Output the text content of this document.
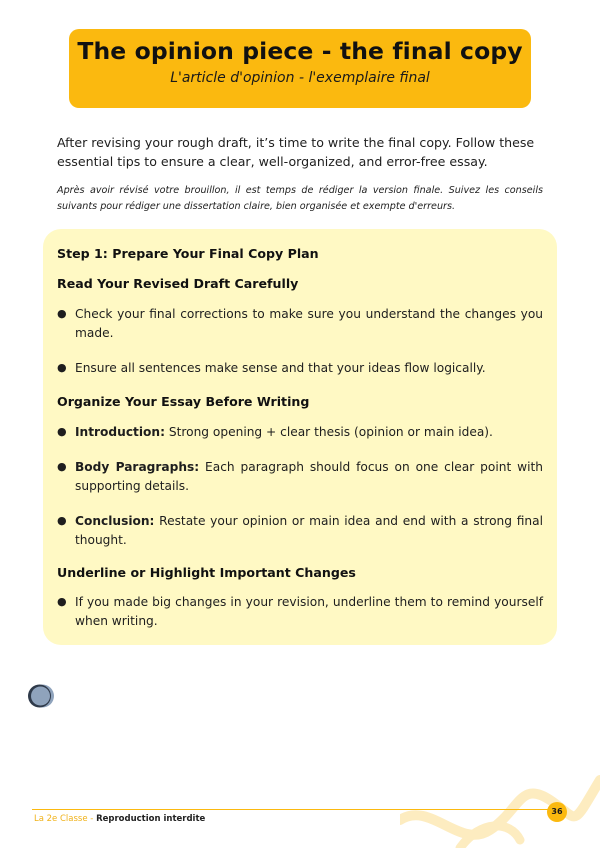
The opinion piece - the final copy
L'article d'opinion - l'exemplaire final
After revising your rough draft, it’s time to write the final copy. Follow these essential tips to ensure a clear, well-organized, and error-free essay.
Après avoir révisé votre brouillon, il est temps de rédiger la version finale. Suivez les conseils suivants pour rédiger une dissertation claire, bien organisée et exempte d'erreurs.
Step 1: Prepare Your Final Copy Plan
Read Your Revised Draft Carefully
● Check your final corrections to make sure you understand the changes you made.
● Ensure all sentences make sense and that your ideas flow logically.
Organize Your Essay Before Writing
● Introduction: Strong opening + clear thesis (opinion or main idea).
● Body Paragraphs: Each paragraph should focus on one clear point with supporting details.
● Conclusion: Restate your opinion or main idea and end with a strong final thought.
Underline or Highlight Important Changes
● If you made big changes in your revision, underline them to remind yourself when writing.
La 2e Classe - Reproduction interdite
36
